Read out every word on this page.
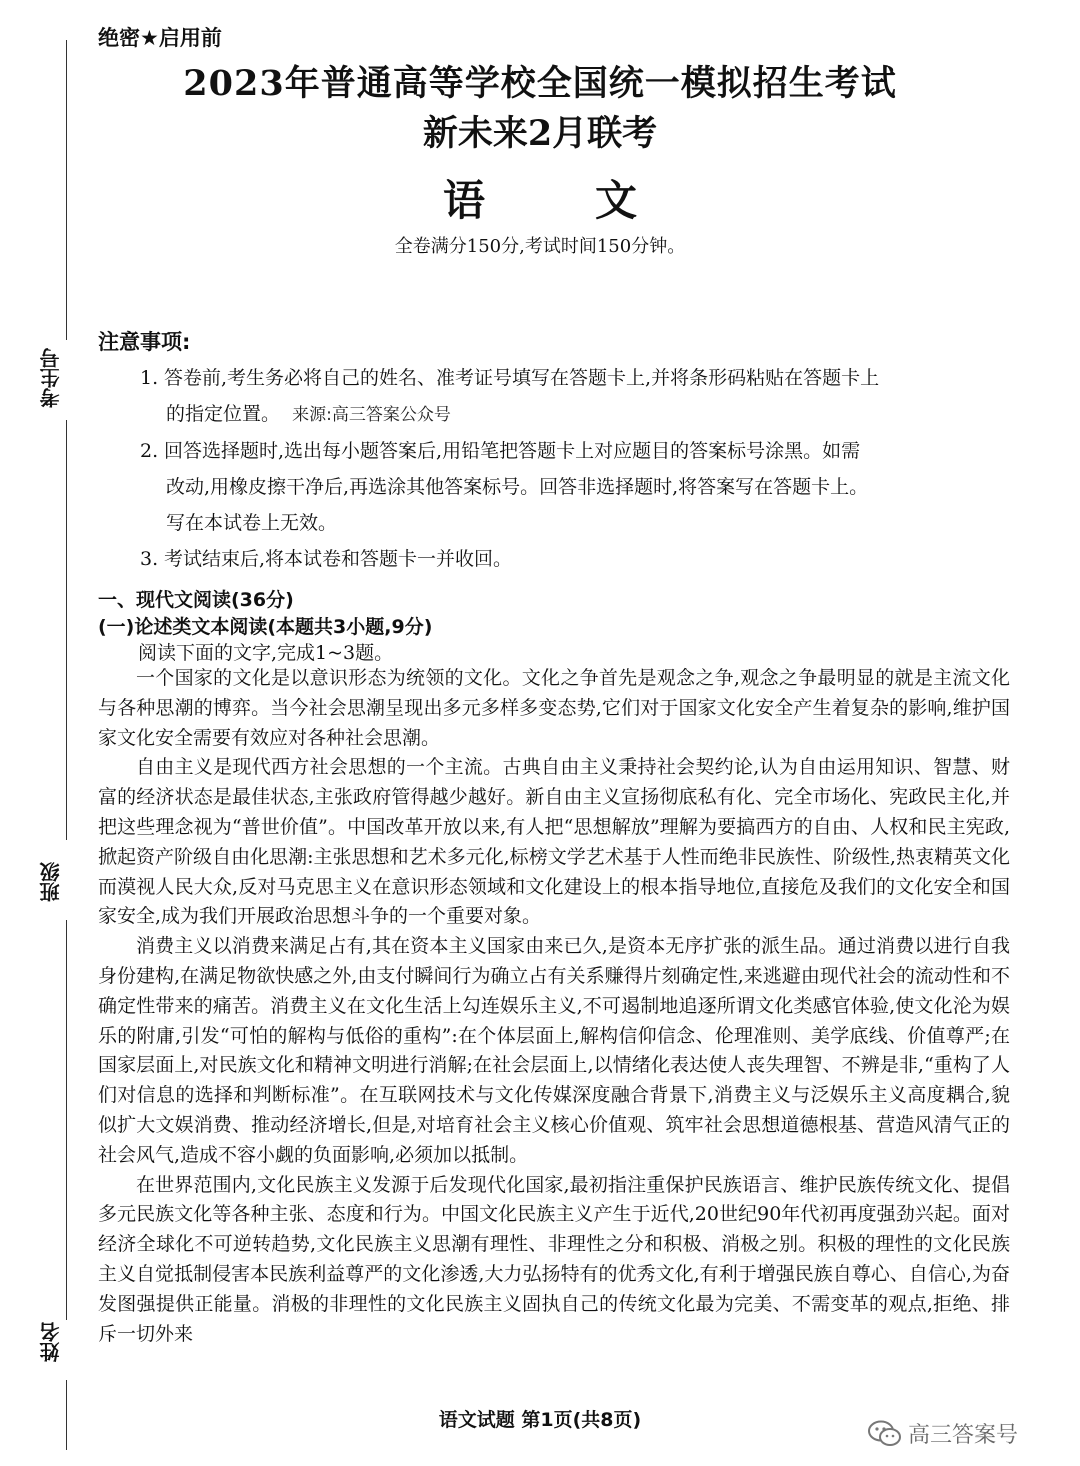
考生号
班级
姓名
绝密★启用前
2023年普通高等学校全国统一模拟招生考试
新未来2月联考
语文
全卷满分150分,考试时间150分钟。
注意事项:
1. 答卷前,考生务必将自己的姓名、准考证号填写在答题卡上,并将条形码粘贴在答题卡上
的指定位置。 来源:高三答案公众号
2. 回答选择题时,选出每小题答案后,用铅笔把答题卡上对应题目的答案标号涂黑。如需
改动,用橡皮擦干净后,再选涂其他答案标号。回答非选择题时,将答案写在答题卡上。
写在本试卷上无效。
3. 考试结束后,将本试卷和答题卡一并收回。
一、现代文阅读(36分)
(一)论述类文本阅读(本题共3小题,9分)
阅读下面的文字,完成1~3题。

一个国家的文化是以意识形态为统领的文化。文化之争首先是观念之争,观念之争最明显的就是主流文化与各种思潮的博弈。当今社会思潮呈现出多元多样多变态势,它们对于国家文化安全产生着复杂的影响,维护国家文化安全需要有效应对各种社会思潮。

自由主义是现代西方社会思想的一个主流。古典自由主义秉持社会契约论,认为自由运用知识、智慧、财富的经济状态是最佳状态,主张政府管得越少越好。新自由主义宣扬彻底私有化、完全市场化、宪政民主化,并把这些理念视为“普世价值”。中国改革开放以来,有人把“思想解放”理解为要搞西方的自由、人权和民主宪政,掀起资产阶级自由化思潮:主张思想和艺术多元化,标榜文学艺术基于人性而绝非民族性、阶级性,热衷精英文化而漠视人民大众,反对马克思主义在意识形态领域和文化建设上的根本指导地位,直接危及我们的文化安全和国家安全,成为我们开展政治思想斗争的一个重要对象。

消费主义以消费来满足占有,其在资本主义国家由来已久,是资本无序扩张的派生品。通过消费以进行自我身份建构,在满足物欲快感之外,由支付瞬间行为确立占有关系赚得片刻确定性,来逃避由现代社会的流动性和不确定性带来的痛苦。消费主义在文化生活上勾连娱乐主义,不可遏制地追逐所谓文化类感官体验,使文化沦为娱乐的附庸,引发“可怕的解构与低俗的重构”:在个体层面上,解构信仰信念、伦理准则、美学底线、价值尊严;在国家层面上,对民族文化和精神文明进行消解;在社会层面上,以情绪化表达使人丧失理智、不辨是非,“重构了人们对信息的选择和判断标准”。在互联网技术与文化传媒深度融合背景下,消费主义与泛娱乐主义高度耦合,貌似扩大文娱消费、推动经济增长,但是,对培育社会主义核心价值观、筑牢社会思想道德根基、营造风清气正的社会风气,造成不容小觑的负面影响,必须加以抵制。

在世界范围内,文化民族主义发源于后发现代化国家,最初指注重保护民族语言、维护民族传统文化、提倡多元民族文化等各种主张、态度和行为。中国文化民族主义产生于近代,20世纪90年代初再度强劲兴起。面对经济全球化不可逆转趋势,文化民族主义思潮有理性、非理性之分和积极、消极之别。积极的理性的文化民族主义自觉抵制侵害本民族利益尊严的文化渗透,大力弘扬特有的优秀文化,有利于增强民族自尊心、自信心,为奋发图强提供正能量。消极的非理性的文化民族主义固执自己的传统文化最为完美、不需变革的观点,拒绝、排斥一切外来

语文试题 第1页(共8页)
高三答案号
